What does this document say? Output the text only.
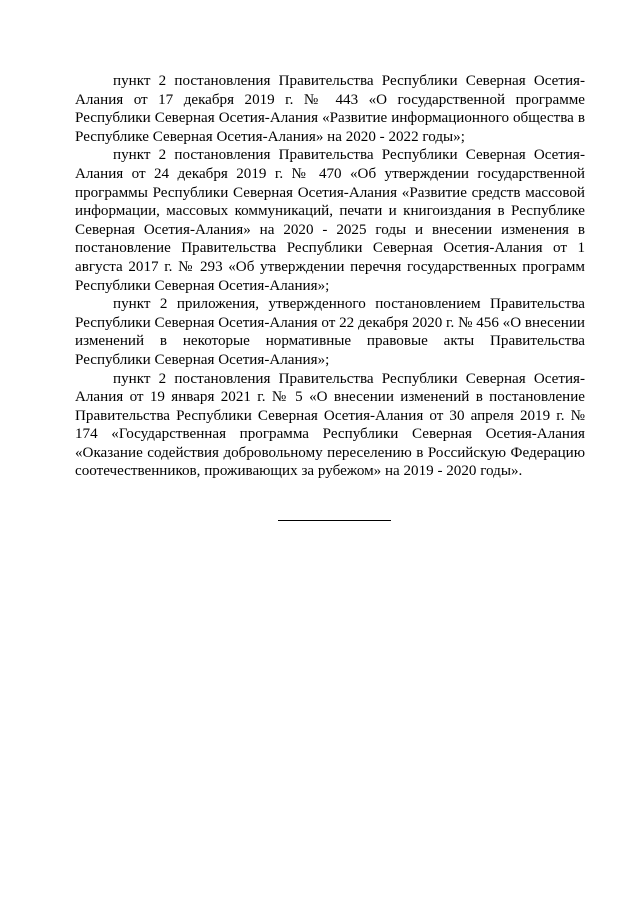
пункт 2 постановления Правительства Республики Северная Осетия-Алания от 17 декабря 2019 г. № 443 «О государственной программе Республики Северная Осетия-Алания «Развитие информационного общества в Республике Северная Осетия-Алания» на 2020 - 2022 годы»;

пункт 2 постановления Правительства Республики Северная Осетия-Алания от 24 декабря 2019 г. № 470 «Об утверждении государственной программы Республики Северная Осетия-Алания «Развитие средств массовой информации, массовых коммуникаций, печати и книгоиздания в Республике Северная Осетия-Алания» на 2020 - 2025 годы и внесении изменения в постановление Правительства Республики Северная Осетия-Алания от 1 августа 2017 г. № 293 «Об утверждении перечня государственных программ Республики Северная Осетия-Алания»;

пункт 2 приложения, утвержденного постановлением Правительства Республики Северная Осетия-Алания от 22 декабря 2020 г. № 456 «О внесении изменений в некоторые нормативные правовые акты Правительства Республики Северная Осетия-Алания»;

пункт 2 постановления Правительства Республики Северная Осетия-Алания от 19 января 2021 г. № 5 «О внесении изменений в постановление Правительства Республики Северная Осетия-Алания от 30 апреля 2019 г. № 174 «Государственная программа Республики Северная Осетия-Алания «Оказание содействия добровольному переселению в Российскую Федерацию соотечественников, проживающих за рубежом» на 2019 - 2020 годы».
